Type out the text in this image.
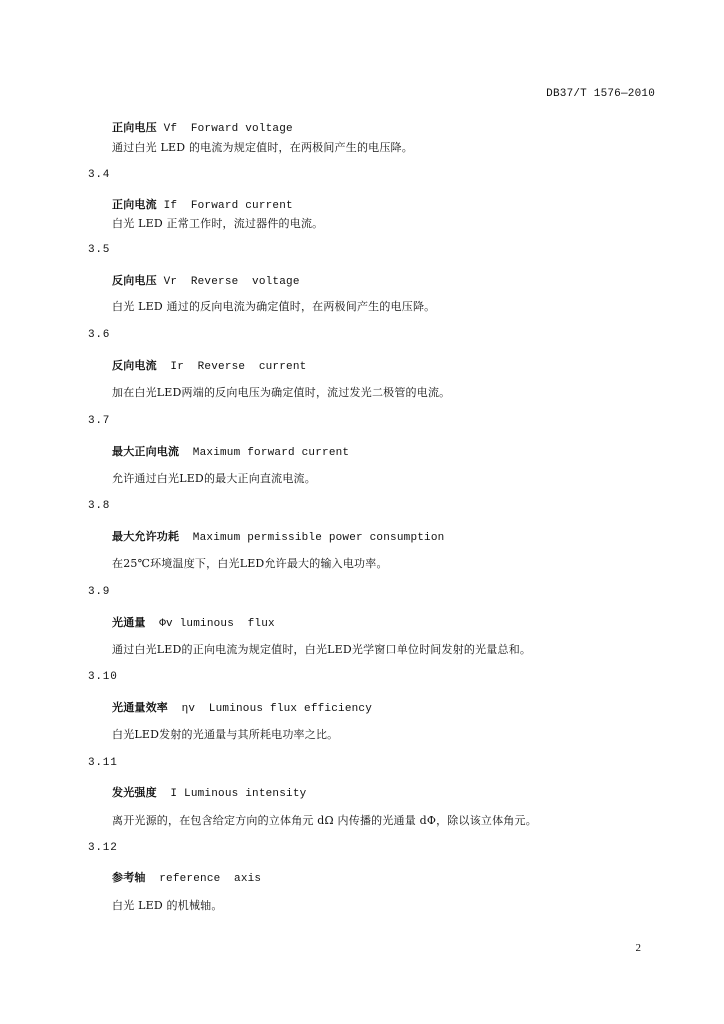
DB37/T 1576—2010
正向电压 Vf  Forward voltage
通过白光 LED 的电流为规定值时，在两极间产生的电压降。
3.4
正向电流 If  Forward current
白光 LED 正常工作时，流过器件的电流。
3.5
反向电压 Vr  Reverse  voltage
白光 LED 通过的反向电流为确定值时，在两极间产生的电压降。
3.6
反向电流  Ir  Reverse  current
加在白光LED两端的反向电压为确定值时，流过发光二极管的电流。
3.7
最大正向电流  Maximum forward current
允许通过白光LED的最大正向直流电流。
3.8
最大允许功耗  Maximum permissible power consumption
在25℃环境温度下，白光LED允许最大的输入电功率。
3.9
光通量  Φv luminous  flux
通过白光LED的正向电流为规定值时，白光LED光学窗口单位时间发射的光量总和。
3.10
光通量效率  ηv  Luminous flux efficiency
白光LED发射的光通量与其所耗电功率之比。
3.11
发光强度  I Luminous intensity
离开光源的，在包含给定方向的立体角元 dΩ 内传播的光通量 dΦ，除以该立体角元。
3.12
参考轴  reference  axis
白光 LED 的机械轴。
2
